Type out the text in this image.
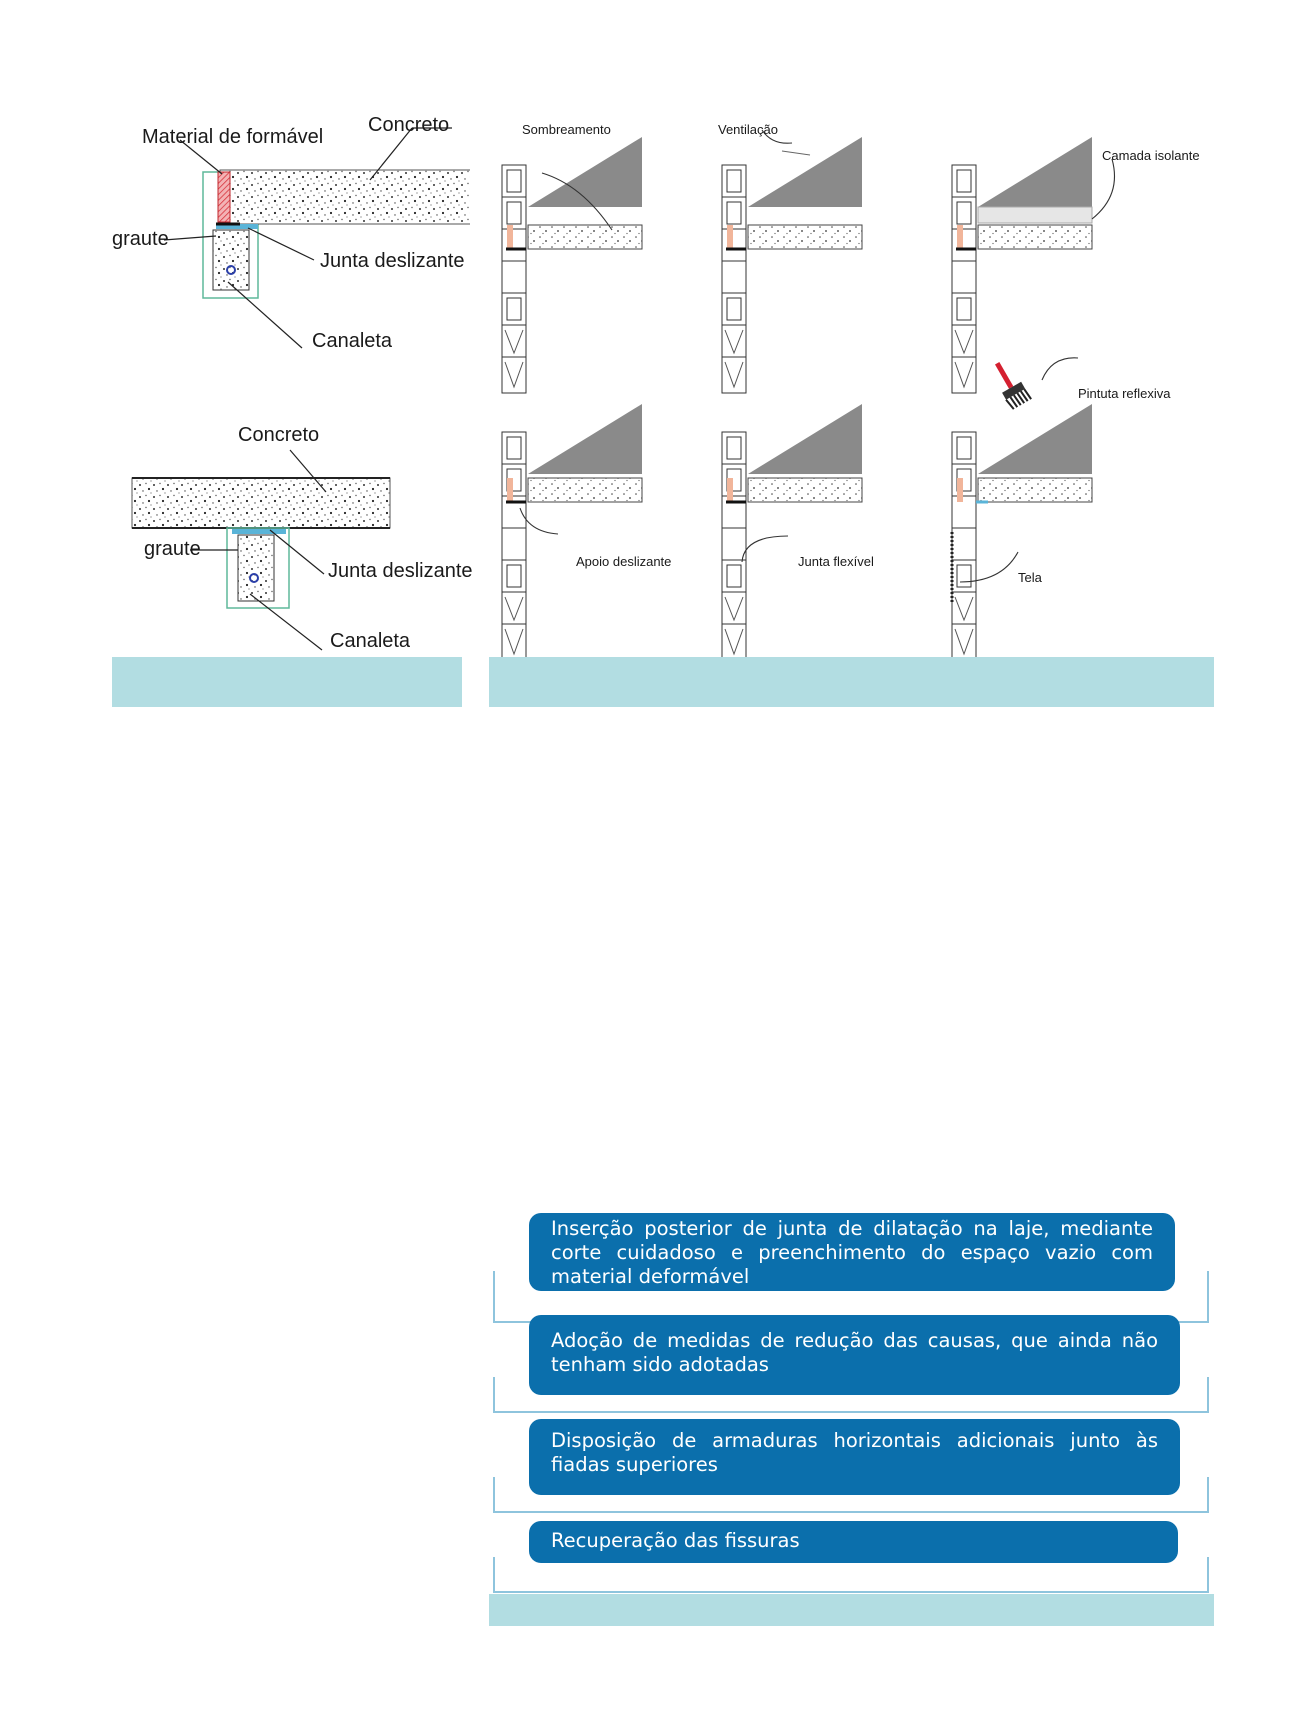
Material de formável
Concreto
graute
Junta deslizante
Canaleta
Concreto
graute
Junta deslizante
Canaleta
Sombreamento	Ventilação
Camada isolante
Apoio deslizante	Junta flexível
Pintuta reflexiva
Tela
Inserção posterior de junta de dilatação na laje, mediante corte cuidadoso e preenchimento do espaço vazio com material deformável
Adoção de medidas de redução das causas, que ainda não tenham sido adotadas
Disposição de armaduras horizontais adicionais junto às fiadas superiores
Recuperação das fissuras
